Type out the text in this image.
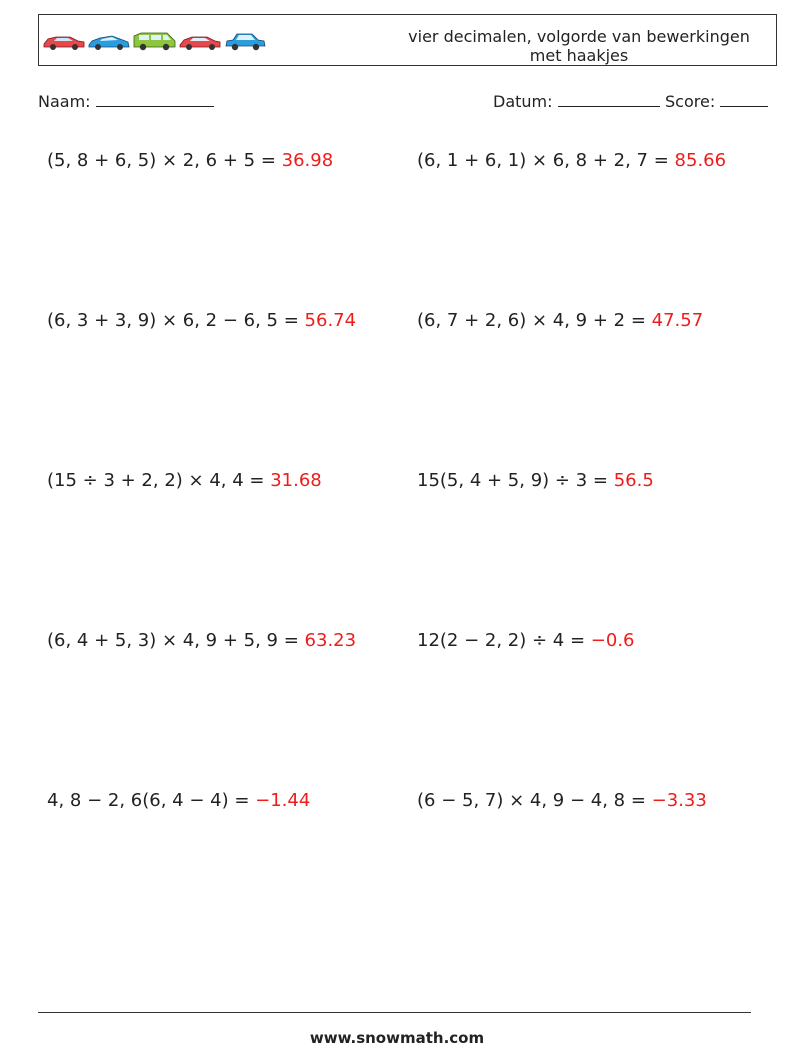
vier decimalen, volgorde van bewerkingen
met haakjes
Naam:	Datum:	Score:
(5, 8 + 6, 5) × 2, 6 + 5 = 36.98	(6, 1 + 6, 1) × 6, 8 + 2, 7 = 85.66
(6, 3 + 3, 9) × 6, 2 − 6, 5 = 56.74	(6, 7 + 2, 6) × 4, 9 + 2 = 47.57
(15 ÷ 3 + 2, 2) × 4, 4 = 31.68	15(5, 4 + 5, 9) ÷ 3 = 56.5
(6, 4 + 5, 3) × 4, 9 + 5, 9 = 63.23	12(2 − 2, 2) ÷ 4 = −0.6
4, 8 − 2, 6(6, 4 − 4) = −1.44	(6 − 5, 7) × 4, 9 − 4, 8 = −3.33
www.snowmath.com
